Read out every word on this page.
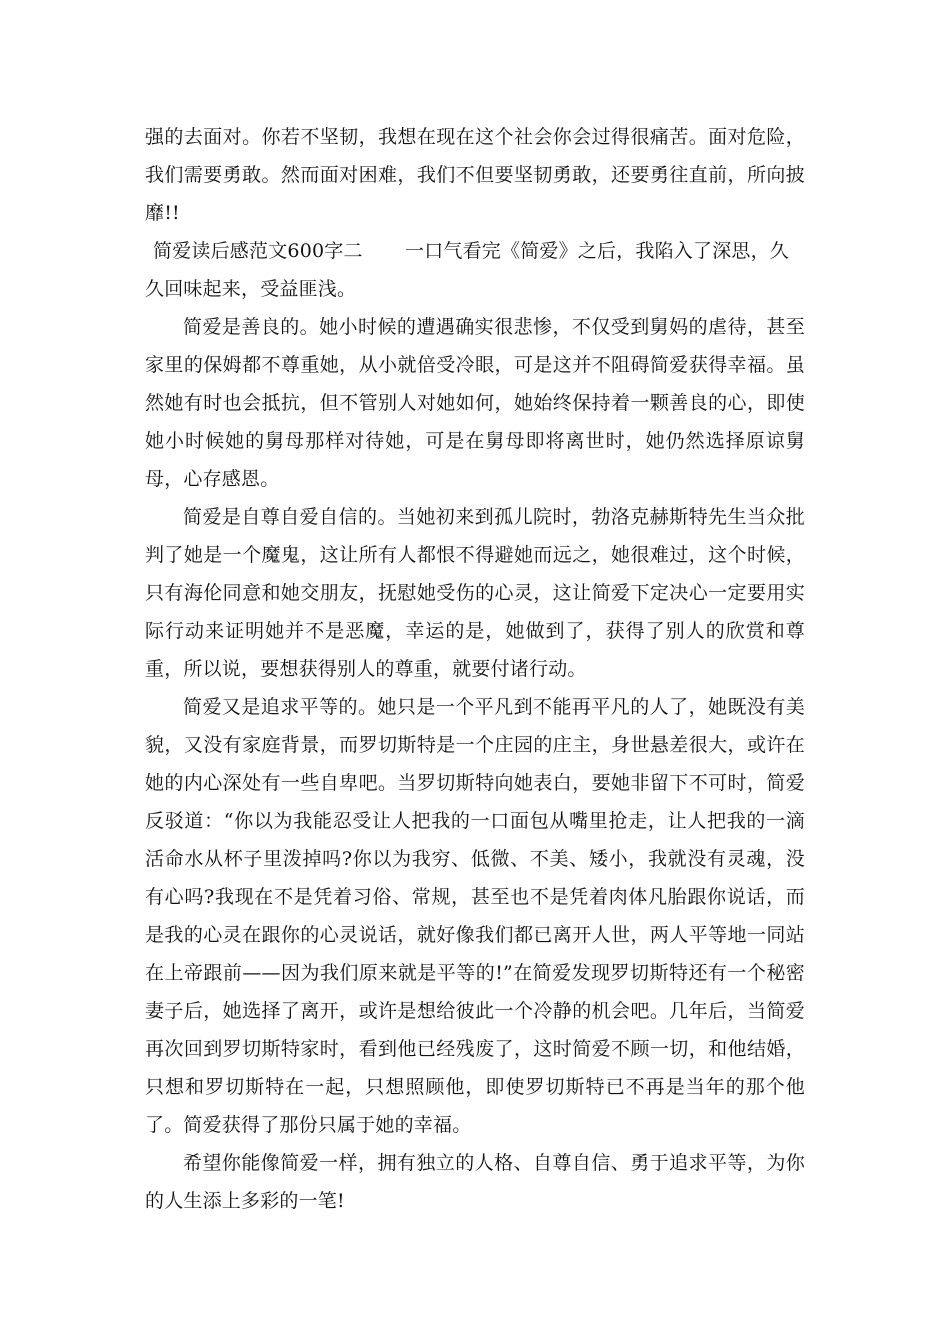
强的去面对。你若不坚韧，我想在现在这个社会你会过得很痛苦。面对危险，我们需要勇敢。然而面对困难，我们不但要坚韧勇敢，还要勇往直前，所向披靡!!

简爱读后感范文600字二 一口气看完《简爱》之后，我陷入了深思，久久回味起来，受益匪浅。

简爱是善良的。她小时候的遭遇确实很悲惨，不仅受到舅妈的虐待，甚至家里的保姆都不尊重她，从小就倍受冷眼，可是这并不阻碍简爱获得幸福。虽然她有时也会抵抗，但不管别人对她如何，她始终保持着一颗善良的心，即使她小时候她的舅母那样对待她，可是在舅母即将离世时，她仍然选择原谅舅母，心存感恩。

简爱是自尊自爱自信的。当她初来到孤儿院时，勃洛克赫斯特先生当众批判了她是一个魔鬼，这让所有人都恨不得避她而远之，她很难过，这个时候，只有海伦同意和她交朋友，抚慰她受伤的心灵，这让简爱下定决心一定要用实际行动来证明她并不是恶魔，幸运的是，她做到了，获得了别人的欣赏和尊重，所以说，要想获得别人的尊重，就要付诸行动。

简爱又是追求平等的。她只是一个平凡到不能再平凡的人了，她既没有美貌，又没有家庭背景，而罗切斯特是一个庄园的庄主，身世悬差很大，或许在她的内心深处有一些自卑吧。当罗切斯特向她表白，要她非留下不可时，简爱反驳道：“你以为我能忍受让人把我的一口面包从嘴里抢走，让人把我的一滴活命水从杯子里泼掉吗?你以为我穷、低微、不美、矮小，我就没有灵魂，没有心吗?我现在不是凭着习俗、常规，甚至也不是凭着肉体凡胎跟你说话，而是我的心灵在跟你的心灵说话，就好像我们都已离开人世，两人平等地一同站在上帝跟前——因为我们原来就是平等的!”在简爱发现罗切斯特还有一个秘密妻子后，她选择了离开，或许是想给彼此一个冷静的机会吧。几年后，当简爱再次回到罗切斯特家时，看到他已经残废了，这时简爱不顾一切，和他结婚，只想和罗切斯特在一起，只想照顾他，即使罗切斯特已不再是当年的那个他了。简爱获得了那份只属于她的幸福。

希望你能像简爱一样，拥有独立的人格、自尊自信、勇于追求平等，为你的人生添上多彩的一笔!
